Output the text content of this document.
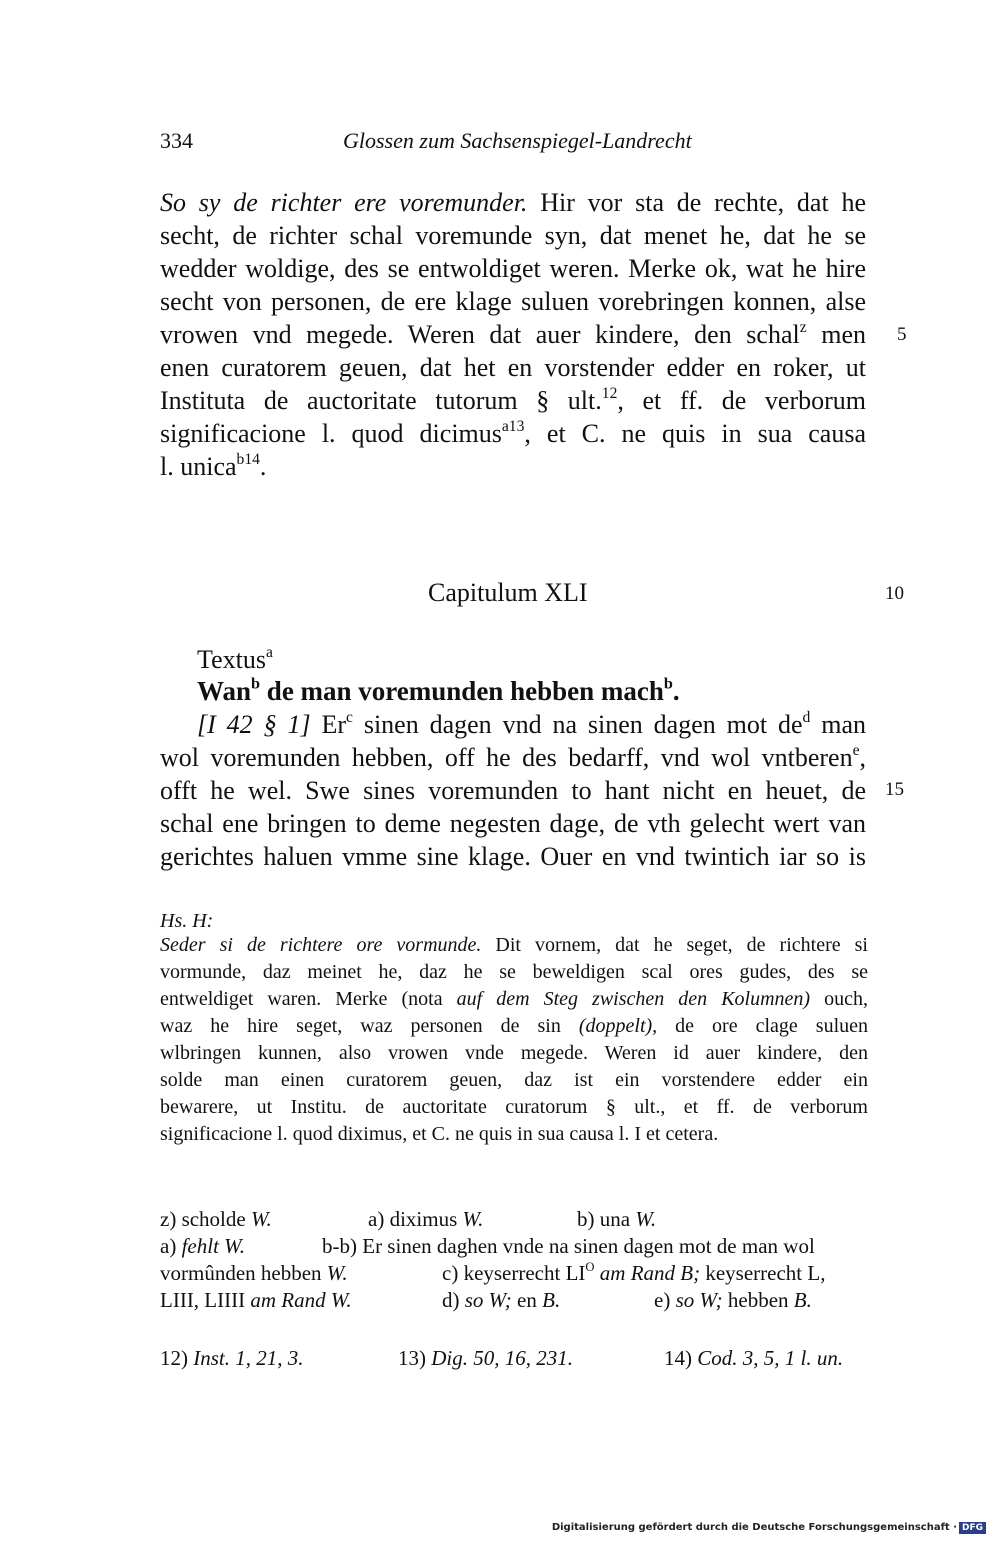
334	Glossen zum Sachsenspiegel-Landrecht
So sy de richter ere voremunder. Hir vor sta de rechte, dat he
secht, de richter schal voremunde syn, dat menet he, dat he se
wedder woldige, des se entwoldiget weren. Merke ok, wat he hire
secht von personen, de ere klage suluen vorebringen konnen, alse
vrowen vnd megede. Weren dat auer kindere, den schal$^z$ men 5
enen curatorem geuen, dat het en vorstender edder en roker, ut
Instituta de auctoritate tutorum § ult.$^{12}$, et ff. de verborum
significacione l. quod dicimus$^{a13}$, et C. ne quis in sua causa
l. unica$^{b14}$.
Capitulum XLI	10
Textus$^a$
Wan$^b$ de man voremunden hebben mach$^b$.
[I 42 § 1] Er$^c$ sinen dagen vnd na sinen dagen mot $de^d$ man
wol voremunden hebben, off he des bedarff, vnd wol vntberen$^e$,
offt he wel. Swe sines voremunden to hant nicht en heuet, de 15
schal ene bringen to deme negesten dage, de vth gelecht wert van
gerichtes haluen vmme sine klage. Ouer en vnd twintich iar so is
Hs. H:
Seder si de richtere ore vormunde. Dit vornem, dat he seget, de richtere si
vormunde, daz meinet he, daz he se beweldigen scal ores gudes, des se
entweldiget waren. Merke (nota auf dem Steg zwischen den Kolumnen) ouch,
waz he hire seget, waz personen de sin (doppelt), de ore clage suluen
wlbringen kunnen, also vrowen vnde megede. Weren id auer kindere, den
solde man einen curatorem geuen, daz ist ein vorstendere edder ein
bewarere, ut Institu. de auctoritate curatorum § ult., et ff. de verborum
significacione l. quod diximus, et C. ne quis in sua causa l. I et cetera.
z) scholde W.	a) diximus W.	b) una W.
a) fehlt W.	b-b) Er sinen daghen vnde na sinen dagen mot de man wol
vormûnden hebben W.	c) keyserrecht $LI^O$ am Rand B; keyserrecht L,
LIII, LIIII am Rand W.	d) so W; en B.	e) so W; hebben B.
12) Inst. 1, 21, 3.	13) Dig. 50, 16, 231.	14) Cod. 3, 5, 1 l. un.
Digitalisierung gefördert durch die Deutsche Forschungsgemeinschaft · DFG
